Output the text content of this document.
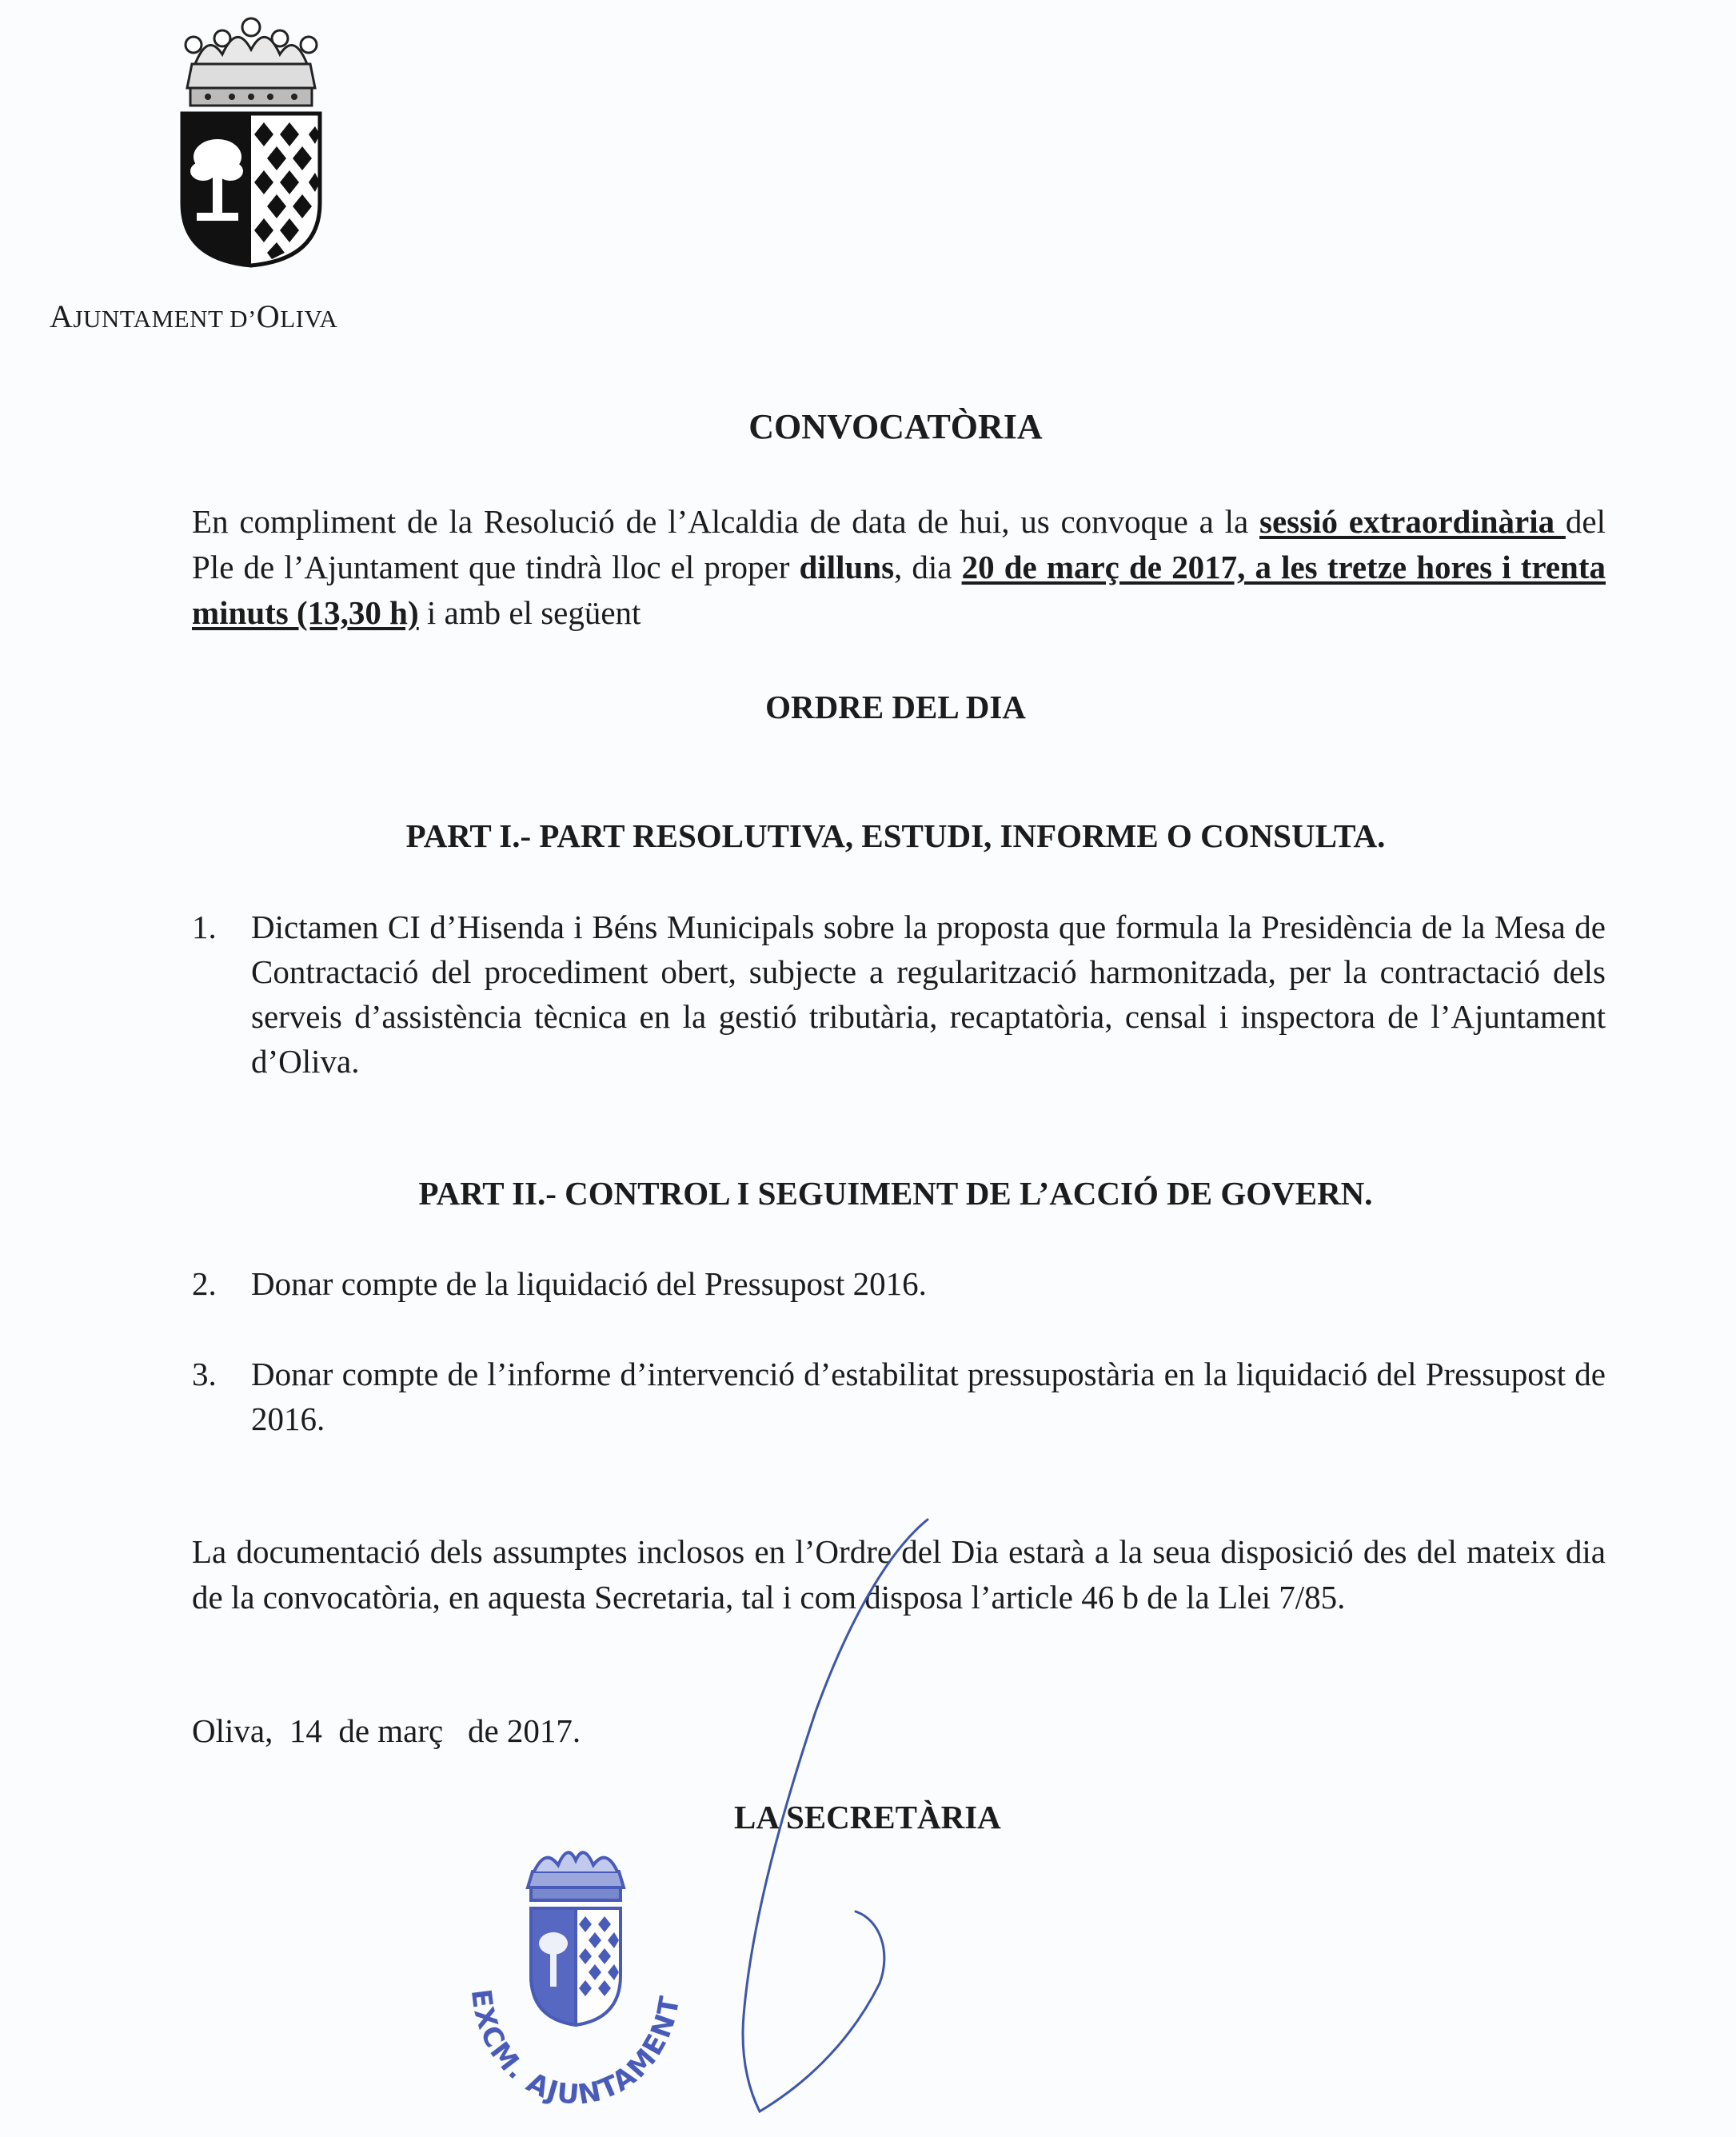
AJUNTAMENT D’OLIVA
CONVOCATÒRIA
En compliment de la Resolució de l’Alcaldia de data de hui, us convoque a la sessió extraordinària del Ple de l’Ajuntament que tindrà lloc el proper dilluns, dia 20 de març de 2017, a les tretze hores i trenta minuts (13,30 h) i amb el següent
ORDRE DEL DIA
PART I.- PART RESOLUTIVA, ESTUDI, INFORME O CONSULTA.
1.	Dictamen CI d’Hisenda i Béns Municipals sobre la proposta que formula la Presidència de la Mesa de Contractació del procediment obert, subjecte a regularització harmonitzada, per la contractació dels serveis d’assistència tècnica en la gestió tributària, recaptatòria, censal i inspectora de l’Ajuntament d’Oliva.
PART II.- CONTROL I SEGUIMENT DE L’ACCIÓ DE GOVERN.
2.	Donar compte de la liquidació del Pressupost 2016.
3.	Donar compte de l’informe d’intervenció d’estabilitat pressupostària en la liquidació del Pressupost de 2016.
La documentació dels assumptes inclosos en l’Ordre del Dia estarà a la seua disposició des del mateix dia de la convocatòria, en aquesta Secretaria, tal i com disposa l’article 46 b de la Llei 7/85.
Oliva,  14  de març   de 2017.
LA SECRETÀRIA
EXCM. AJUNTAMENT
